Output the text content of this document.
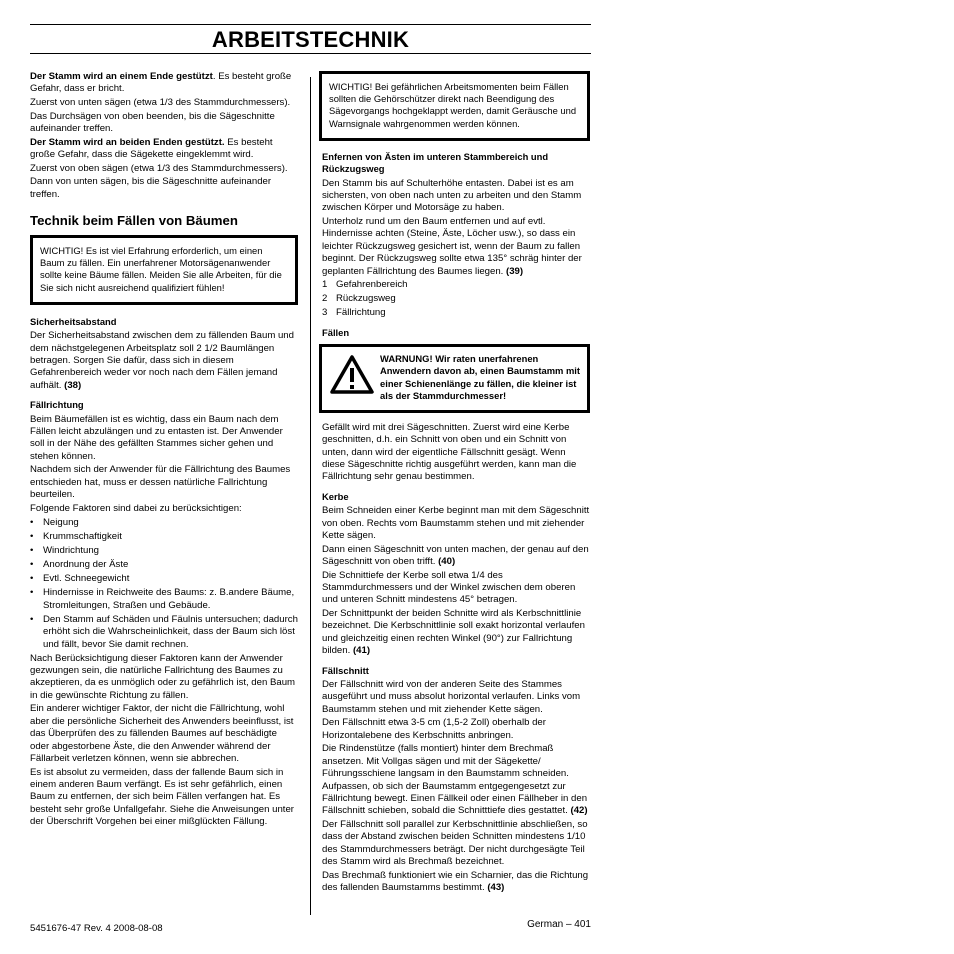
ARBEITSTECHNIK

Der Stamm wird an einem Ende gestützt. Es besteht große Gefahr, dass er bricht.

Zuerst von unten sägen (etwa 1/3 des Stammdurchmessers).

Das Durchsägen von oben beenden, bis die Sägeschnitte aufeinander treffen.

Der Stamm wird an beiden Enden gestützt. Es besteht große Gefahr, dass die Sägekette eingeklemmt wird.

Zuerst von oben sägen (etwa 1/3 des Stammdurchmessers).

Dann von unten sägen, bis die Sägeschnitte aufeinander treffen.

Technik beim Fällen von Bäumen
WICHTIG! Es ist viel Erfahrung erforderlich, um einen Baum zu fällen. Ein unerfahrener Motorsägenanwender sollte keine Bäume fällen. Meiden Sie alle Arbeiten, für die Sie sich nicht ausreichend qualifiziert fühlen!
Sicherheitsabstand

Der Sicherheitsabstand zwischen dem zu fällenden Baum und dem nächstgelegenen Arbeitsplatz soll 2 1/2 Baumlängen betragen. Sorgen Sie dafür, dass sich in diesem Gefahrenbereich weder vor noch nach dem Fällen jemand aufhält. (38)

Fällrichtung

Beim Bäumefällen ist es wichtig, dass ein Baum nach dem Fällen leicht abzulängen und zu entasten ist. Der Anwender soll in der Nähe des gefällten Stammes sicher gehen und stehen können.

Nachdem sich der Anwender für die Fällrichtung des Baumes entschieden hat, muss er dessen natürliche Fallrichtung beurteilen.

Folgende Faktoren sind dabei zu berücksichtigen:

• Neigung
• Krummschaftigkeit
• Windrichtung
• Anordnung der Äste
• Evtl. Schneegewicht
• Hindernisse in Reichweite des Baums: z. B.andere Bäume, Stromleitungen, Straßen und Gebäude.
• Den Stamm auf Schäden und Fäulnis untersuchen; dadurch erhöht sich die Wahrscheinlichkeit, dass der Baum sich löst und fällt, bevor Sie damit rechnen.

Nach Berücksichtigung dieser Faktoren kann der Anwender gezwungen sein, die natürliche Fallrichtung des Baumes zu akzeptieren, da es unmöglich oder zu gefährlich ist, den Baum in die gewünschte Richtung zu fällen.

Ein anderer wichtiger Faktor, der nicht die Fällrichtung, wohl aber die persönliche Sicherheit des Anwenders beeinflusst, ist das Überprüfen des zu fällenden Baumes auf beschädigte oder abgestorbene Äste, die den Anwender während der Fällarbeit verletzen können, wenn sie abbrechen.

Es ist absolut zu vermeiden, dass der fallende Baum sich in einem anderen Baum verfängt. Es ist sehr gefährlich, einen Baum zu entfernen, der sich beim Fällen verfangen hat. Es besteht sehr große Unfallgefahr. Siehe die Anweisungen unter der Überschrift Vorgehen bei einer mißglückten Fällung.

WICHTIG! Bei gefährlichen Arbeitsmomenten beim Fällen sollten die Gehörschützer direkt nach Beendigung des Sägevorgangs hochgeklappt werden, damit Geräusche und Warnsignale wahrgenommen werden können.
Enfernen von Ästen im unteren Stammbereich und Rückzugsweg

Den Stamm bis auf Schulterhöhe entasten. Dabei ist es am sichersten, von oben nach unten zu arbeiten und den Stamm zwischen Körper und Motorsäge zu haben.

Unterholz rund um den Baum entfernen und auf evtl. Hindernisse achten (Steine, Äste, Löcher usw.), so dass ein leichter Rückzugsweg gesichert ist, wenn der Baum zu fallen beginnt. Der Rückzugsweg sollte etwa 135° schräg hinter der geplanten Fällrichtung des Baumes liegen. (39)

1 Gefahrenbereich
2 Rückzugsweg
3 Fällrichtung
Fällen
WARNUNG! Wir raten unerfahrenen Anwendern davon ab, einen Baumstamm mit einer Schienenlänge zu fällen, die kleiner ist als der Stammdurchmesser!

Gefällt wird mit drei Sägeschnitten. Zuerst wird eine Kerbe geschnitten, d.h. ein Schnitt von oben und ein Schnitt von unten, dann wird der eigentliche Fällschnitt gesägt. Wenn diese Sägeschnitte richtig ausgeführt werden, kann man die Fällrichtung sehr genau bestimmen.

Kerbe

Beim Schneiden einer Kerbe beginnt man mit dem Sägeschnitt von oben. Rechts vom Baumstamm stehen und mit ziehender Kette sägen.

Dann einen Sägeschnitt von unten machen, der genau auf den Sägeschnitt von oben trifft. (40)

Die Schnittiefe der Kerbe soll etwa 1/4 des Stammdurchmessers und der Winkel zwischen dem oberen und unteren Schnitt mindestens 45° betragen.

Der Schnittpunkt der beiden Schnitte wird als Kerbschnittlinie bezeichnet. Die Kerbschnittlinie soll exakt horizontal verlaufen und gleichzeitig einen rechten Winkel (90°) zur Fallrichtung bilden. (41)

Fällschnitt

Der Fällschnitt wird von der anderen Seite des Stammes ausgeführt und muss absolut horizontal verlaufen. Links vom Baumstamm stehen und mit ziehender Kette sägen.

Den Fällschnitt etwa 3-5 cm (1,5-2 Zoll) oberhalb der Horizontalebene des Kerbschnitts anbringen.

Die Rindenstütze (falls montiert) hinter dem Brechmaß ansetzen. Mit Vollgas sägen und mit der Sägekette/ Führungsschiene langsam in den Baumstamm schneiden. Aufpassen, ob sich der Baumstamm entgegengesetzt zur Fällrichtung bewegt. Einen Fällkeil oder einen Fällheber in den Fällschnitt schieben, sobald die Schnitttiefe dies gestattet. (42)

Der Fällschnitt soll parallel zur Kerbschnittlinie abschließen, so dass der Abstand zwischen beiden Schnitten mindestens 1/10 des Stammdurchmessers beträgt. Der nicht durchgesägte Teil des Stamm wird als Brechmaß bezeichnet.

Das Brechmaß funktioniert wie ein Scharnier, das die Richtung des fallenden Baumstamms bestimmt. (43)

5451676-47 Rev. 4 2008-08-08	German – 401
